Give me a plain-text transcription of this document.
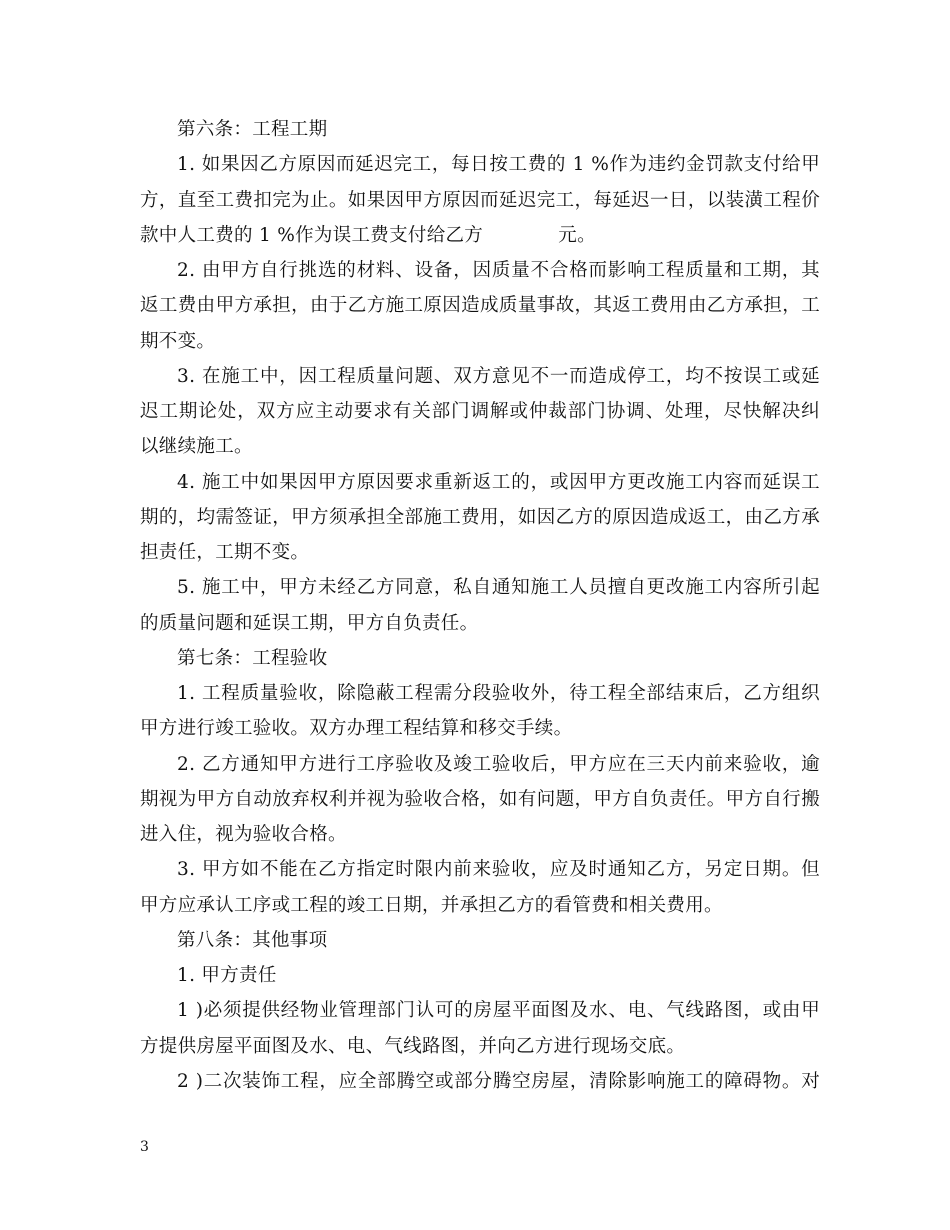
第六条：工程工期
1. 如果因乙方原因而延迟完工，每日按工费的 1 %作为违约金罚款支付给甲
方，直至工费扣完为止。如果因甲方原因而延迟完工，每延迟一日，以装潢工程价
款中人工费的 1 %作为误工费支付给乙方　　　　元。
2. 由甲方自行挑选的材料、设备，因质量不合格而影响工程质量和工期，其
返工费由甲方承担，由于乙方施工原因造成质量事故，其返工费用由乙方承担，工
期不变。
3. 在施工中，因工程质量问题、双方意见不一而造成停工，均不按误工或延
迟工期论处，双方应主动要求有关部门调解或仲裁部门协调、处理，尽快解决纠
以继续施工。
4. 施工中如果因甲方原因要求重新返工的，或因甲方更改施工内容而延误工
期的，均需签证，甲方须承担全部施工费用，如因乙方的原因造成返工，由乙方承
担责任，工期不变。
5. 施工中，甲方未经乙方同意，私自通知施工人员擅自更改施工内容所引起
的质量问题和延误工期，甲方自负责任。
第七条：工程验收
1. 工程质量验收，除隐蔽工程需分段验收外，待工程全部结束后，乙方组织
甲方进行竣工验收。双方办理工程结算和移交手续。
2. 乙方通知甲方进行工序验收及竣工验收后，甲方应在三天内前来验收，逾
期视为甲方自动放弃权利并视为验收合格，如有问题，甲方自负责任。甲方自行搬
进入住，视为验收合格。
3. 甲方如不能在乙方指定时限内前来验收，应及时通知乙方，另定日期。但
甲方应承认工序或工程的竣工日期，并承担乙方的看管费和相关费用。
第八条：其他事项
1. 甲方责任
1 )必须提供经物业管理部门认可的房屋平面图及水、电、气线路图，或由甲
方提供房屋平面图及水、电、气线路图，并向乙方进行现场交底。
2 )二次装饰工程，应全部腾空或部分腾空房屋，清除影响施工的障碍物。对
3
